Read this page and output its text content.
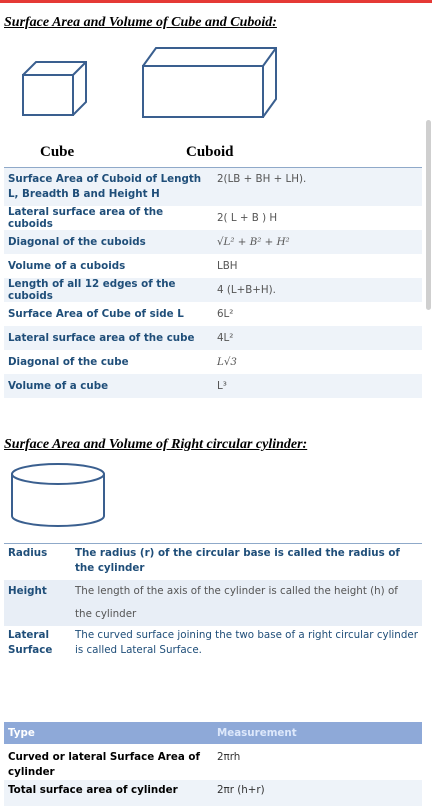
Surface Area and Volume of Cube and Cuboid:
Cube	Cuboid
Surface Area of Cuboid of Length L, Breadth B and Height H	2(LB + BH + LH).
Lateral surface area of the cuboids	2( L + B ) H
Diagonal of the cuboids	√L² + B² + H²
Volume of a cuboids	LBH
Length of all 12 edges of the cuboids	4 (L+B+H).
Surface Area of Cube of side L	6L²
Lateral surface area of the cube	4L²
Diagonal of the cube	L√3
Volume of a cube	L³
Surface Area and Volume of Right circular cylinder:
Radius	The radius (r) of the circular base is called the radius of the cylinder
Height	The length of the axis of the cylinder is called the height (h) of the cylinder
Lateral Surface	The curved surface joining the two base of a right circular cylinder is called Lateral Surface.
Type	Measurement
Curved or lateral Surface Area of cylinder	2πrh
Total surface area of cylinder	2πr (h+r)
